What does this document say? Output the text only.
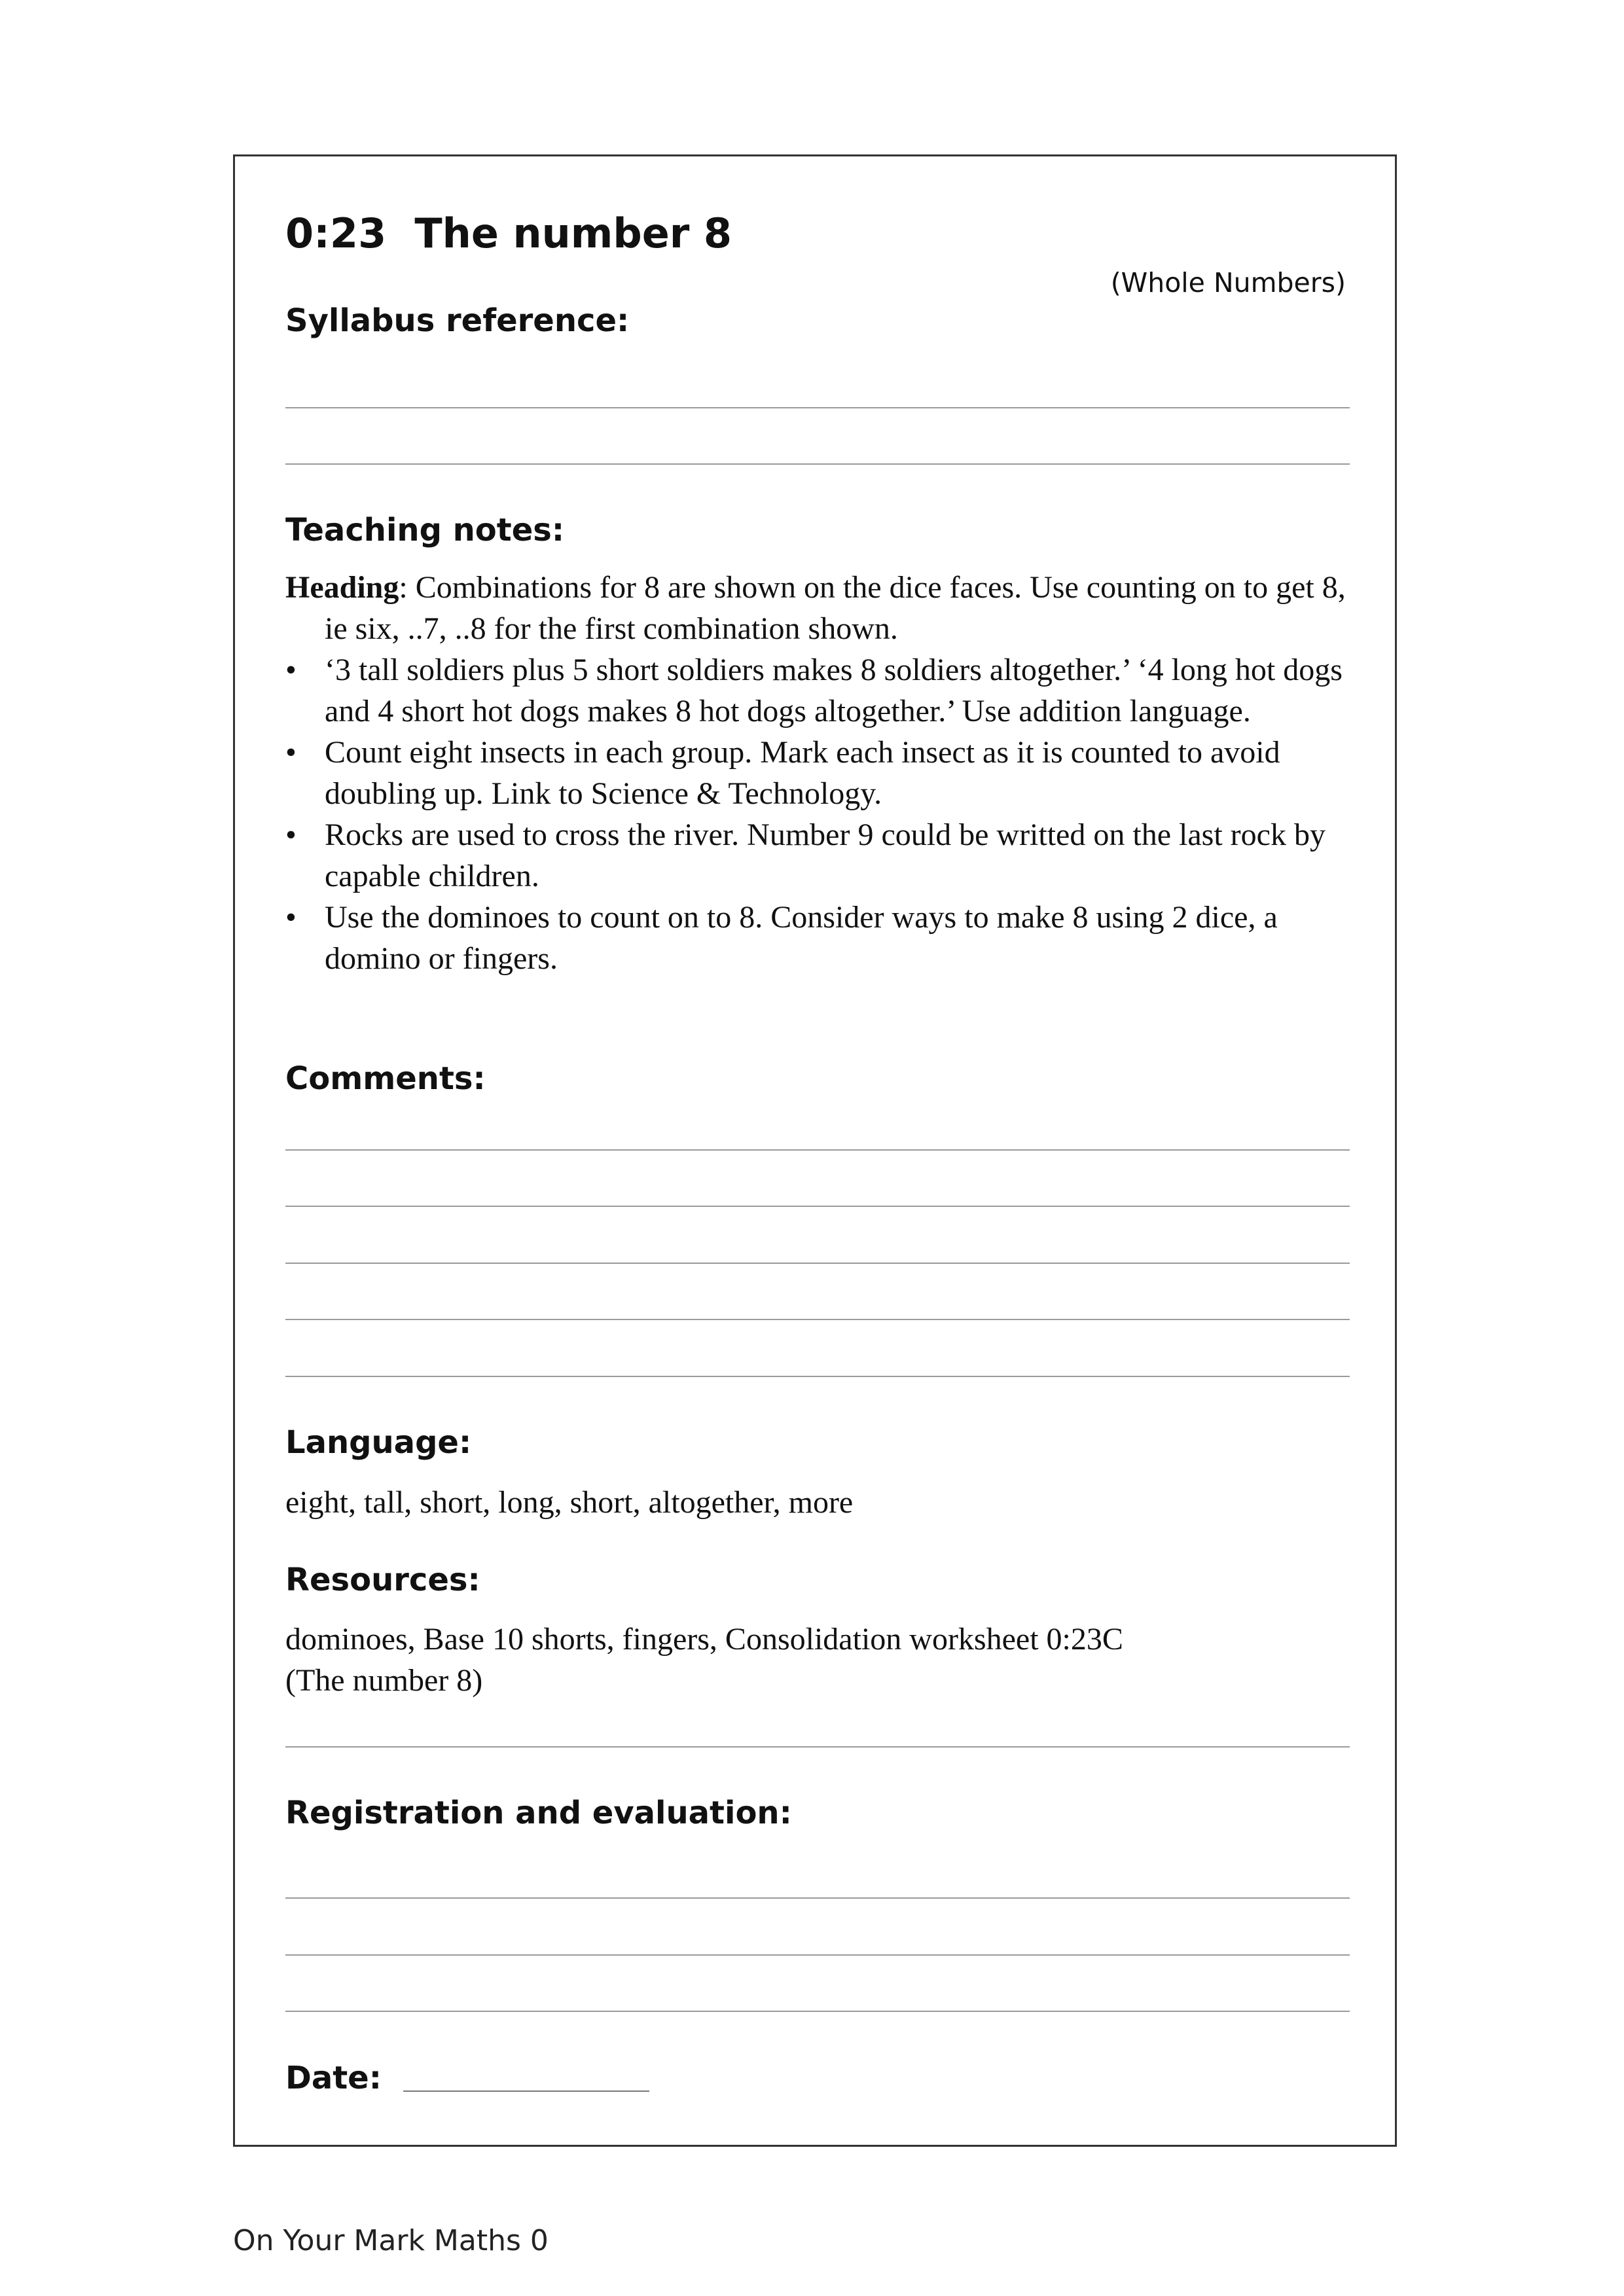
0:23  The number 8
(Whole Numbers)
Syllabus reference:
Teaching notes:

Heading: Combinations for 8 are shown on the dice faces. Use counting on to get 8, ie six, ..7, ..8 for the first combination shown.

• ‘3 tall soldiers plus 5 short soldiers makes 8 soldiers altogether.’ ‘4 long hot dogs and 4 short hot dogs makes 8 hot dogs altogether.’ Use addition language.
• Count eight insects in each group. Mark each insect as it is counted to avoid doubling up. Link to Science & Technology.
• Rocks are used to cross the river. Number 9 could be writted on the last rock by capable children.
• Use the dominoes to count on to 8. Consider ways to make 8 using 2 dice, a domino or fingers.
Comments:
Language:
eight, tall, short, long, short, altogether, more
Resources:
dominoes, Base 10 shorts, fingers, Consolidation worksheet 0:23C
(The number 8)
Registration and evaluation:
Date:
On Your Mark Maths 0
